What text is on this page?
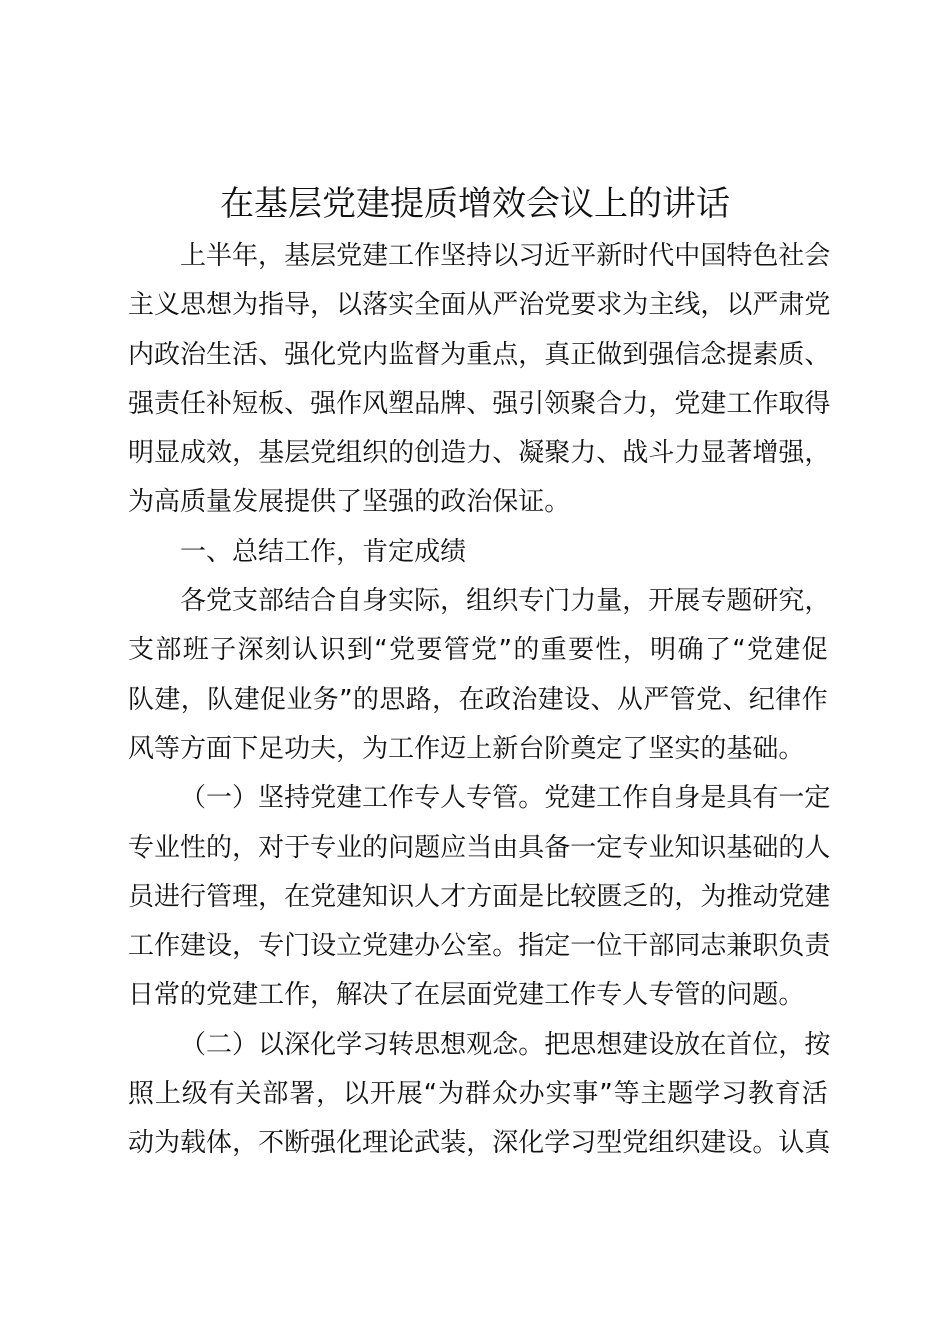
在基层党建提质增效会议上的讲话
上 半 年 ， 基 层 党 建 工 作 坚 持 以 习 近 平 新 时 代 中 国 特 色 社 会
主 义 思 想 为 指 导 ， 以 落 实 全 面 从 严 治 党 要 求 为 主 线 ， 以 严 肃 党
内 政 治 生 活 、 强 化 党 内 监 督 为 重 点 ， 真 正 做 到 强 信 念 提 素 质 、
强 责 任 补 短 板 、 强 作 风 塑 品 牌 、 强 引 领 聚 合 力 ， 党 建 工 作 取 得
明 显 成 效 ， 基 层 党 组 织 的 创 造 力 、 凝 聚 力 、 战 斗 力 显 著 增 强 ，
为 高 质 量 发 展 提 供 了 坚 强 的 政 治 保 证 。
一 、 总 结 工 作 ， 肯 定 成 绩
各 党 支 部 结 合 自 身 实 际 ， 组 织 专 门 力 量 ， 开 展 专 题 研 究 ，
支 部 班 子 深 刻 认 识 到 “ 党 要 管 党 ” 的 重 要 性 ， 明 确 了 “ 党 建 促
队 建 ， 队 建 促 业 务 ” 的 思 路 ， 在 政 治 建 设 、 从 严 管 党 、 纪 律 作
风 等 方 面 下 足 功 夫 ， 为 工 作 迈 上 新 台 阶 奠 定 了 坚 实 的 基 础 。
（ 一 ） 坚 持 党 建 工 作 专 人 专 管 。 党 建 工 作 自 身 是 具 有 一 定
专 业 性 的 ， 对 于 专 业 的 问 题 应 当 由 具 备 一 定 专 业 知 识 基 础 的 人
员 进 行 管 理 ， 在 党 建 知 识 人 才 方 面 是 比 较 匮 乏 的 ， 为 推 动 党 建
工 作 建 设 ， 专 门 设 立 党 建 办 公 室 。 指 定 一 位 干 部 同 志 兼 职 负 责
日 常 的 党 建 工 作 ， 解 决 了 在 层 面 党 建 工 作 专 人 专 管 的 问 题 。
（ 二 ） 以 深 化 学 习 转 思 想 观 念 。 把 思 想 建 设 放 在 首 位 ， 按
照 上 级 有 关 部 署 ， 以 开 展 “ 为 群 众 办 实 事 ” 等 主 题 学 习 教 育 活
动 为 载 体 ， 不 断 强 化 理 论 武 装 ， 深 化 学 习 型 党 组 织 建 设 。 认 真
